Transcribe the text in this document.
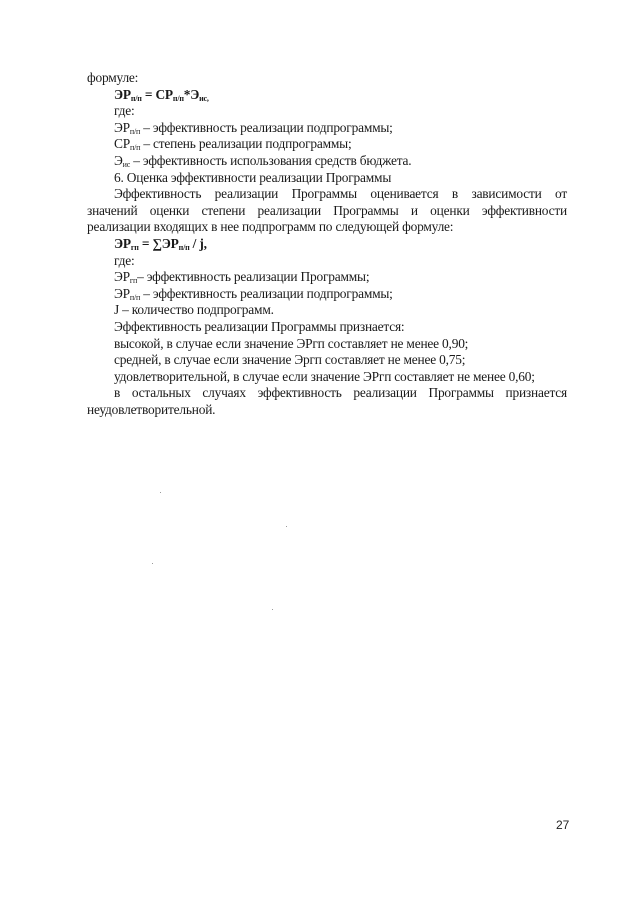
формуле:
$ЭР_{п/п} = СР_{п/п}*Э_{ис,}$
где:
$ЭР_{п/п}$ – эффективность реализации подпрограммы;
$СР_{п/п}$ – степень реализации подпрограммы;
$Э_{ис}$ – эффективность использования средств бюджета.
6. Оценка эффективности реализации Программы
Эффективность реализации Программы оценивается в зависимости от
значений оценки степени реализации Программы и оценки эффективности
реализации входящих в нее подпрограмм по следующей формуле:
$ЭР_{гп} = \sum ЭР_{п/п} / j$,
где:
$ЭР_{гп}-$ эффективность реализации Программы;
$ЭР_{п/п}$ – эффективность реализации подпрограммы;
J – количество подпрограмм.
Эффективность реализации Программы признается:
высокой, в случае если значение ЭРгп составляет не менее 0,90;
средней, в случае если значение Эргп составляет не менее 0,75;
удовлетворительной, в случае если значение ЭРгп составляет не менее 0,60;
в остальных случаях эффективность реализации Программы признается
неудовлетворительной.
27
